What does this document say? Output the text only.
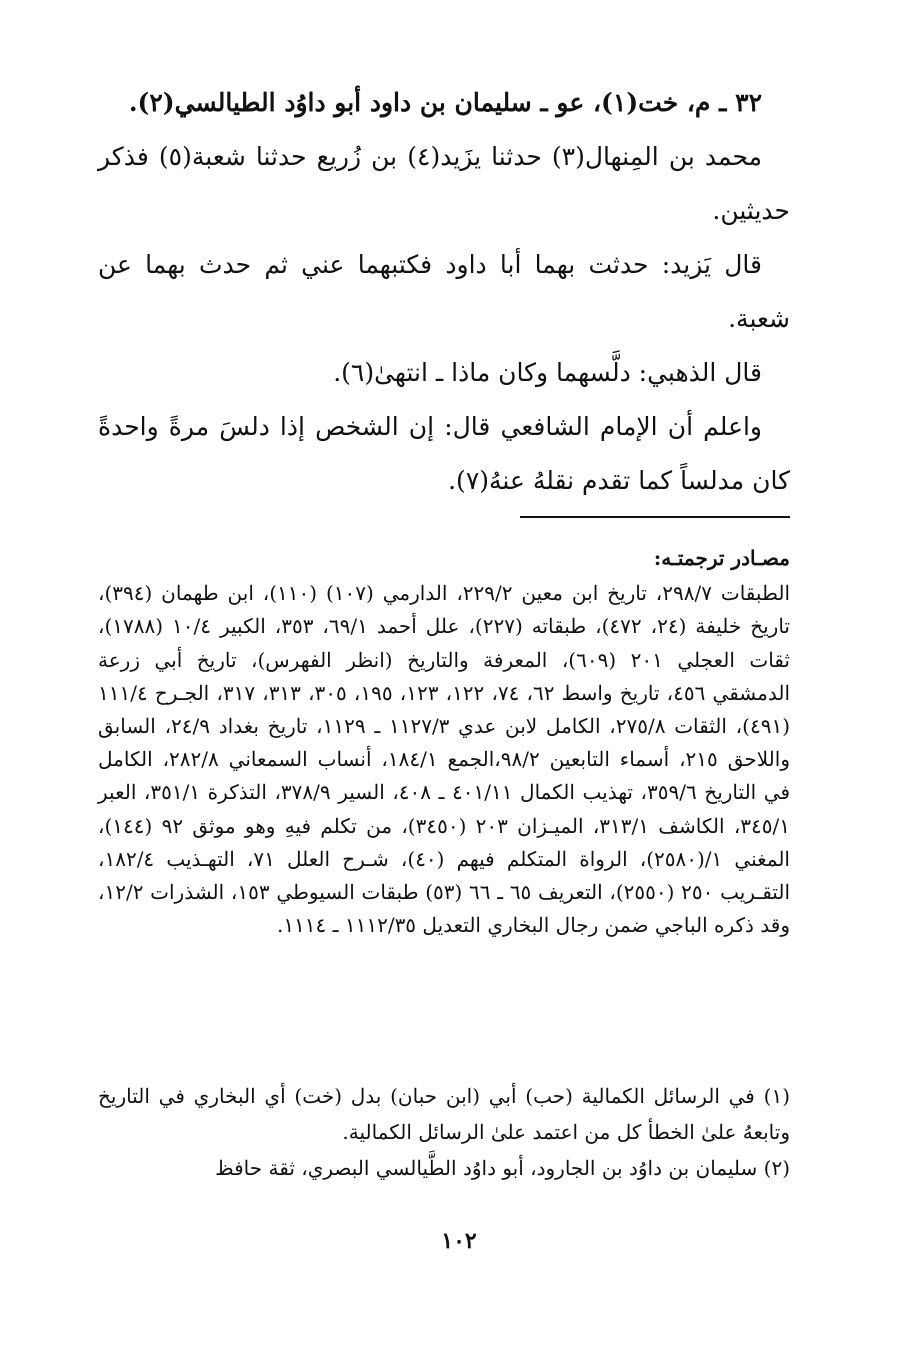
٣٢ ـ م، خت(١)، عو ـ سليمان بن داود أبو داوُد الطيالسي(٢).

محمد بن المِنهال(٣) حدثنا يزَيد(٤) بن زُريع حدثنا شعبة(٥) فذكر حديثين.

قال يَزيد: حدثت بهما أبا داود فكتبهما عني ثم حدث بهما عن شعبة.

قال الذهبي: دلَّسهما وكان ماذا ـ انتهىٰ(٦).

واعلم أن الإمام الشافعي قال: إن الشخص إذا دلسَ مرةً واحدةً كان مدلساً كما تقدم نقلهُ عنهُ(٧).

مصـادر ترجمتـه:

الطبقات ٢٩٨/٧، تاريخ ابن معين ٢٢٩/٢، الدارمي (١٠٧) (١١٠)، ابن طهمان (٣٩٤)، تاريخ خليفة (٢٤، ٤٧٢)، طبقاته (٢٢٧)، علل أحمد ٦٩/١، ٣٥٣، الكبير ١٠/٤ (١٧٨٨)، ثقات العجلي ٢٠١ (٦٠٩)، المعرفة والتاريخ (انظر الفهرس)، تاريخ أبي زرعة الدمشقي ٤٥٦، تاريخ واسط ٦٢، ٧٤، ١٢٢، ١٢٣، ١٩٥، ٣٠٥، ٣١٣، ٣١٧، الجـرح ١١١/٤ (٤٩١)، الثقات ٢٧٥/٨، الكامل لابن عدي ١١٢٧/٣ ـ ١١٢٩، تاريخ بغداد ٢٤/٩، السابق واللاحق ٢١٥، أسماء التابعين ٩٨/٢،الجمع ١٨٤/١، أنساب السمعاني ٢٨٢/٨، الكامل في التاريخ ٣٥٩/٦، تهذيب الكمال ٤٠١/١١ ـ ٤٠٨، السير ٣٧٨/٩، التذكرة ٣٥١/١، العبر ٣٤٥/١، الكاشف ٣١٣/١، الميـزان ٢٠٣ (٣٤٥٠)، من تكلم فيهِ وهو موثق ٩٢ (١٤٤)، المغني ١/(٢٥٨٠)، الرواة المتكلم فيهم (٤٠)، شـرح العلل ٧١، التهـذيب ١٨٢/٤، التقـريب ٢٥٠ (٢٥٥٠)، التعريف ٦٥ ـ ٦٦ (٥٣) طبقات السيوطي ١٥٣، الشذرات ١٢/٢، وقد ذكره الباجي ضمن رجال البخاري التعديل ١١١٢/٣٥ ـ ١١١٤.

(١) في الرسائل الكمالية (حب) أبي (ابن حبان) بدل (خت) أي البخاري في التاريخ وتابعهُ علىٰ الخطأ كل من اعتمد علىٰ الرسائل الكمالية.

(٢) سليمان بن داوُد بن الجارود، أبو داوُد الطَّيالسي البصري، ثقة حافظ

١٠٢
